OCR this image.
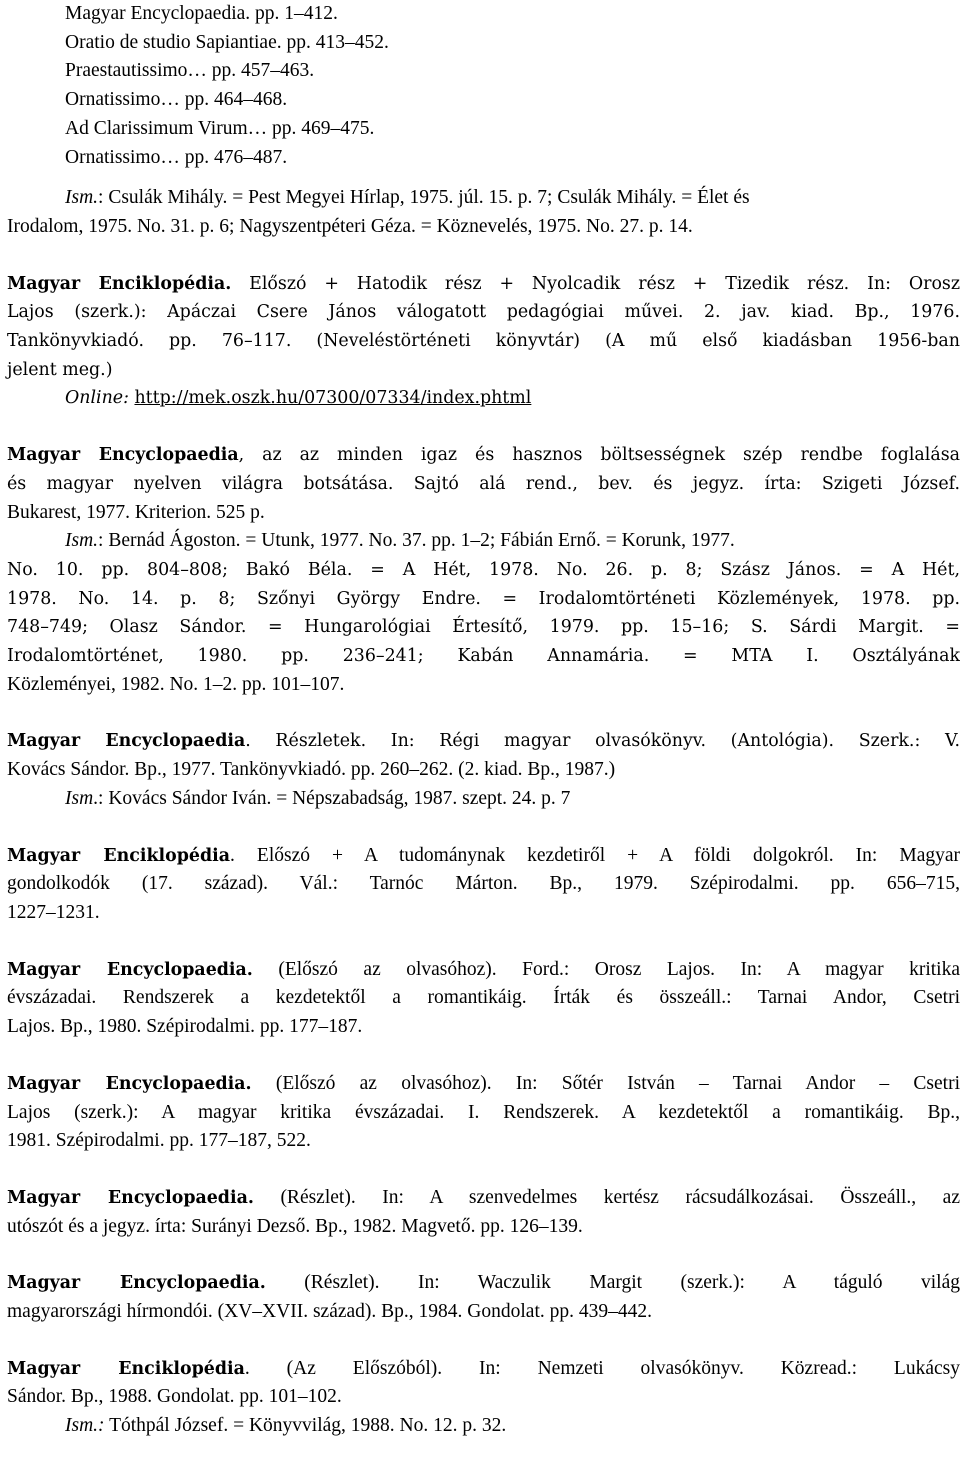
Magyar Encyclopaedia. pp. 1–412.
Oratio de studio Sapiantiae. pp. 413–452.
Praestautissimo… pp. 457–463.
Ornatissimo… pp. 464–468.
Ad Clarissimum Virum… pp. 469–475.
Ornatissimo… pp. 476–487.
Ism.: Csulák Mihály. = Pest Megyei Hírlap, 1975. júl. 15. p. 7; Csulák Mihály. = Élet és
Irodalom, 1975. No. 31. p. 6; Nagyszentpéteri Géza. = Köznevelés, 1975. No. 27. p. 14.
Magyar Enciklopédia. Előszó + Hatodik rész + Nyolcadik rész + Tizedik rész. In: Orosz
Lajos (szerk.): Apáczai Csere János válogatott pedagógiai művei. 2. jav. kiad. Bp., 1976.
Tankönyvkiadó. pp. 76–117. (Neveléstörténeti könyvtár) (A mű első kiadásban 1956-ban
jelent meg.)
Online: http://mek.oszk.hu/07300/07334/index.phtml
Magyar Encyclopaedia, az az minden igaz és hasznos böltsességnek szép rendbe foglalása
és magyar nyelven világra botsátása. Sajtó alá rend., bev. és jegyz. írta: Szigeti József.
Bukarest, 1977. Kriterion. 525 p.
Ism.: Bernád Ágoston. = Utunk, 1977. No. 37. pp. 1–2; Fábián Ernő. = Korunk, 1977.
No. 10. pp. 804–808; Bakó Béla. = A Hét, 1978. No. 26. p. 8; Szász János. = A Hét,
1978. No. 14. p. 8; Szőnyi György Endre. = Irodalomtörténeti Közlemények, 1978. pp.
748–749; Olasz Sándor. = Hungarológiai Értesítő, 1979. pp. 15–16; S. Sárdi Margit. =
Irodalomtörténet, 1980. pp. 236–241; Kabán Annamária. = MTA I. Osztályának
Közleményei, 1982. No. 1–2. pp. 101–107.
Magyar Encyclopaedia. Részletek. In: Régi magyar olvasókönyv. (Antológia). Szerk.: V.
Kovács Sándor. Bp., 1977. Tankönyvkiadó. pp. 260–262. (2. kiad. Bp., 1987.)
Ism.: Kovács Sándor Iván. = Népszabadság, 1987. szept. 24. p. 7
Magyar Enciklopédia. Előszó + A tudománynak kezdetiről + A földi dolgokról. In: Magyar
gondolkodók (17. század). Vál.: Tarnóc Márton. Bp., 1979. Szépirodalmi. pp. 656–715,
1227–1231.
Magyar Encyclopaedia. (Előszó az olvasóhoz). Ford.: Orosz Lajos. In: A magyar kritika
évszázadai. Rendszerek a kezdetektől a romantikáig. Írták és összeáll.: Tarnai Andor, Csetri
Lajos. Bp., 1980. Szépirodalmi. pp. 177–187.
Magyar Encyclopaedia. (Előszó az olvasóhoz). In: Sőtér István – Tarnai Andor – Csetri
Lajos (szerk.): A magyar kritika évszázadai. I. Rendszerek. A kezdetektől a romantikáig. Bp.,
1981. Szépirodalmi. pp. 177–187, 522.
Magyar Encyclopaedia. (Részlet). In: A szenvedelmes kertész rácsudálkozásai. Összeáll., az
utószót és a jegyz. írta: Surányi Dezső. Bp., 1982. Magvető. pp. 126–139.
Magyar Encyclopaedia. (Részlet). In: Waczulik Margit (szerk.): A táguló világ
magyarországi hírmondói. (XV–XVII. század). Bp., 1984. Gondolat. pp. 439–442.
Magyar Enciklopédia. (Az Előszóból). In: Nemzeti olvasókönyv. Közread.: Lukácsy
Sándor. Bp., 1988. Gondolat. pp. 101–102.
Ism.: Tóthpál József. = Könyvvilág, 1988. No. 12. p. 32.
